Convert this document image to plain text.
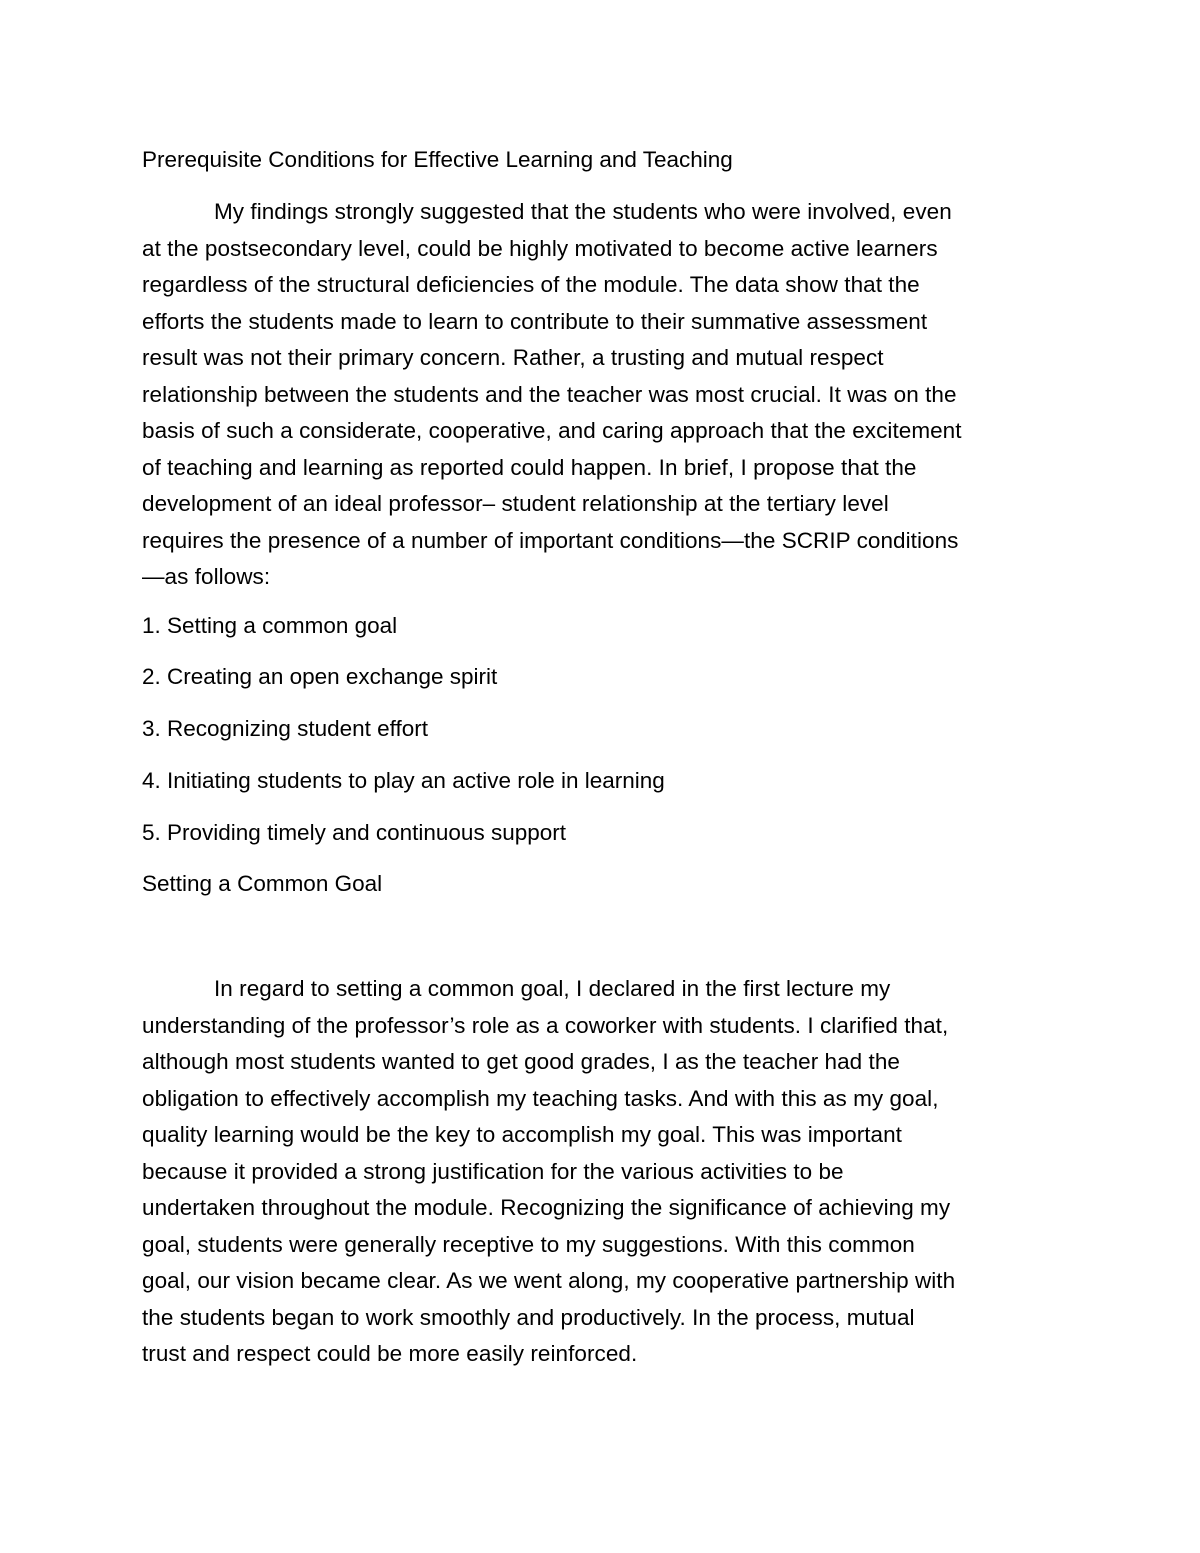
Prerequisite Conditions for Effective Learning and Teaching
My findings strongly suggested that the students who were involved, even
at the postsecondary level, could be highly motivated to become active learners
regardless of the structural deficiencies of the module. The data show that the
efforts the students made to learn to contribute to their summative assessment
result was not their primary concern. Rather, a trusting and mutual respect
relationship between the students and the teacher was most crucial. It was on the
basis of such a considerate, cooperative, and caring approach that the excitement
of teaching and learning as reported could happen. In brief, I propose that the
development of an ideal professor– student relationship at the tertiary level
requires the presence of a number of important conditions—the SCRIP conditions
—as follows:
1. Setting a common goal
2. Creating an open exchange spirit
3. Recognizing student effort
4. Initiating students to play an active role in learning
5. Providing timely and continuous support
Setting a Common Goal
In regard to setting a common goal, I declared in the first lecture my
understanding of the professor’s role as a coworker with students. I clarified that,
although most students wanted to get good grades, I as the teacher had the
obligation to effectively accomplish my teaching tasks. And with this as my goal,
quality learning would be the key to accomplish my goal. This was important
because it provided a strong justification for the various activities to be
undertaken throughout the module. Recognizing the significance of achieving my
goal, students were generally receptive to my suggestions. With this common
goal, our vision became clear. As we went along, my cooperative partnership with
the students began to work smoothly and productively. In the process, mutual
trust and respect could be more easily reinforced.
